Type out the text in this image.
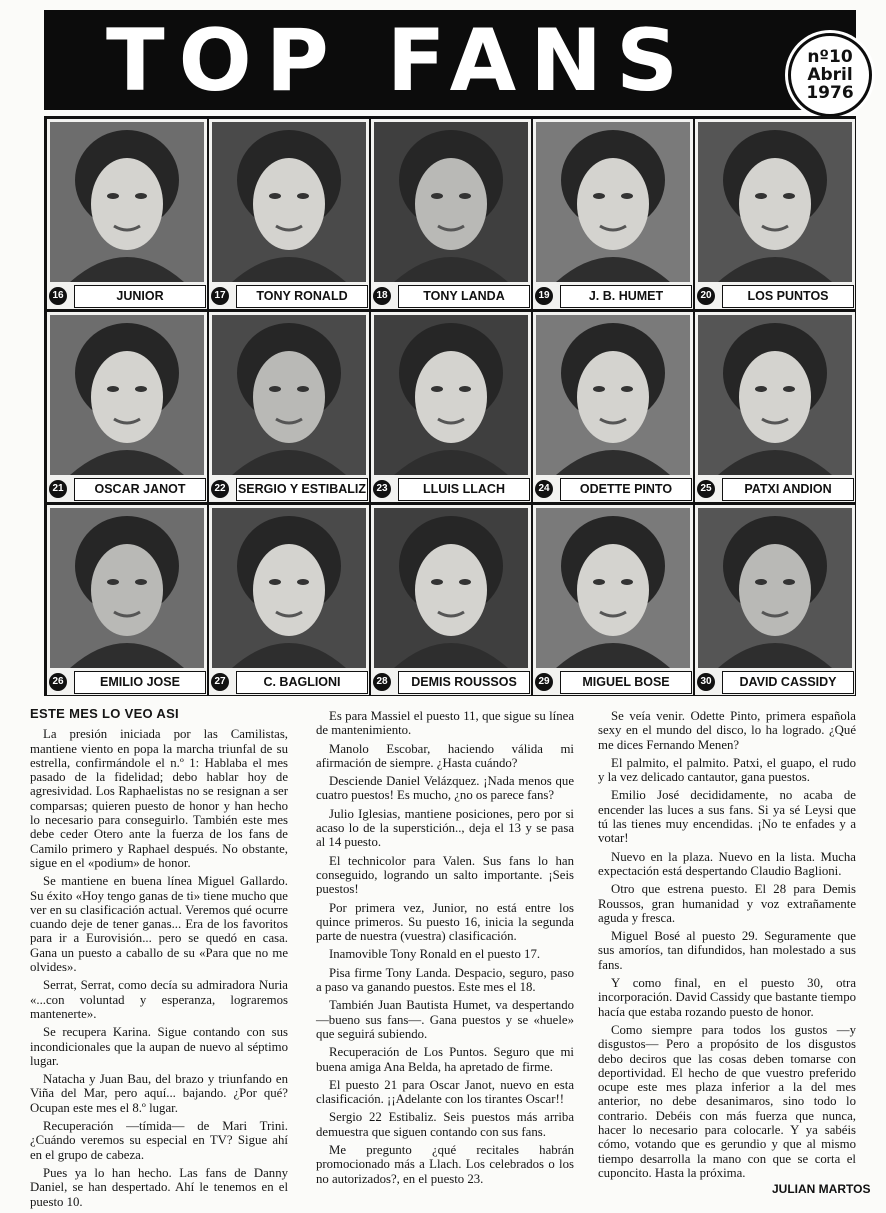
TOP FANS	nº10
Abril
1976
16	JUNIOR	17	TONY RONALD	18	TONY LANDA	19	J. B. HUMET	20	LOS PUNTOS
21	OSCAR JANOT	22 SERGIO Y ESTIBALIZ	23	LLUIS LLACH	24	ODETTE PINTO	25	PATXI ANDION
26	EMILIO JOSE	27	C. BAGLIONI	28	DEMIS ROUSSOS	29	MIGUEL BOSE	30	DAVID CASSIDY
ESTE MES LO VEO ASI

La presión iniciada por las Camilistas, mantiene viento en popa la marcha triunfal de su estrella, confirmándole el n.º 1: Hablaba el mes pasado de la fidelidad; debo hablar hoy de agresividad. Los Raphaelistas no se resignan a ser comparsas; quieren puesto de honor y han hecho lo necesario para conseguirlo. También este mes debe ceder Otero ante la fuerza de los fans de Camilo primero y Raphael después. No obstante, sigue en el «podium» de honor.

Se mantiene en buena línea Miguel Gallardo. Su éxito «Hoy tengo ganas de ti» tiene mucho que ver en su clasificación actual. Veremos qué ocurre cuando deje de tener ganas... Era de los favoritos para ir a Eurovisión... pero se quedó en casa. Gana un puesto a caballo de su «Para que no me olvides».

Serrat, Serrat, como decía su admiradora Nuria «...con voluntad y esperanza, lograremos mantenerte».

Se recupera Karina. Sigue contando con sus incondicionales que la aupan de nuevo al séptimo lugar.

Natacha y Juan Bau, del brazo y triunfando en Viña del Mar, pero aquí... bajando. ¿Por qué? Ocupan este mes el 8.º lugar.

Recuperación —tímida— de Mari Trini. ¿Cuándo veremos su especial en TV? Sigue ahí en el grupo de cabeza.

Pues ya lo han hecho. Las fans de Danny Daniel, se han despertado. Ahí le tenemos en el puesto 10.

Es para Massiel el puesto 11, que sigue su línea de mantenimiento.

Manolo Escobar, haciendo válida mi afirmación de siempre. ¿Hasta cuándo?

Desciende Daniel Velázquez. ¡Nada menos que cuatro puestos! Es mucho, ¿no os parece fans?

Julio Iglesias, mantiene posiciones, pero por si acaso lo de la superstición.., deja el 13 y se pasa al 14 puesto.

El technicolor para Valen. Sus fans lo han conseguido, logrando un salto importante. ¡Seis puestos!

Por primera vez, Junior, no está entre los quince primeros. Su puesto 16, inicia la segunda parte de nuestra (vuestra) clasificación.

Inamovible Tony Ronald en el puesto 17.

Pisa firme Tony Landa. Despacio, seguro, paso a paso va ganando puestos. Este mes el 18.

También Juan Bautista Humet, va despertando —bueno sus fans—. Gana puestos y se «huele» que seguirá subiendo.

Recuperación de Los Puntos. Seguro que mi buena amiga Ana Belda, ha apretado de firme.

El puesto 21 para Oscar Janot, nuevo en esta clasificación. ¡¡Adelante con los tirantes Oscar!!

Sergio 22 Estibaliz. Seis puestos más arriba demuestra que siguen contando con sus fans.

Me pregunto ¿qué recitales habrán promocionado más a Llach. Los celebrados o los no autorizados?, en el puesto 23.

Se veía venir. Odette Pinto, primera española sexy en el mundo del disco, lo ha logrado. ¿Qué me dices Fernando Menen?

El palmito, el palmito. Patxi, el guapo, el rudo y la vez delicado cantautor, gana puestos.

Emilio José decididamente, no acaba de encender las luces a sus fans. Si ya sé Leysi que tú las tienes muy encendidas. ¡No te enfades y a votar!

Nuevo en la plaza. Nuevo en la lista. Mucha expectación está despertando Claudio Baglioni.

Otro que estrena puesto. El 28 para Demis Roussos, gran humanidad y voz extrañamente aguda y fresca.

Miguel Bosé al puesto 29. Seguramente que sus amoríos, tan difundidos, han molestado a sus fans.

Y como final, en el puesto 30, otra incorporación. David Cassidy que bastante tiempo hacía que estaba rozando puesto de honor.

Como siempre para todos los gustos —y disgustos— Pero a propósito de los disgustos debo deciros que las cosas deben tomarse con deportividad. El hecho de que vuestro preferido ocupe este mes plaza inferior a la del mes anterior, no debe desanimaros, sino todo lo contrario. Debéis con más fuerza que nunca, hacer lo necesario para colocarle. Y ya sabéis cómo, votando que es gerundio y que al mismo tiempo desarrolla la mano con que se corta el cuponcito. Hasta la próxima.

JULIAN MARTOS
